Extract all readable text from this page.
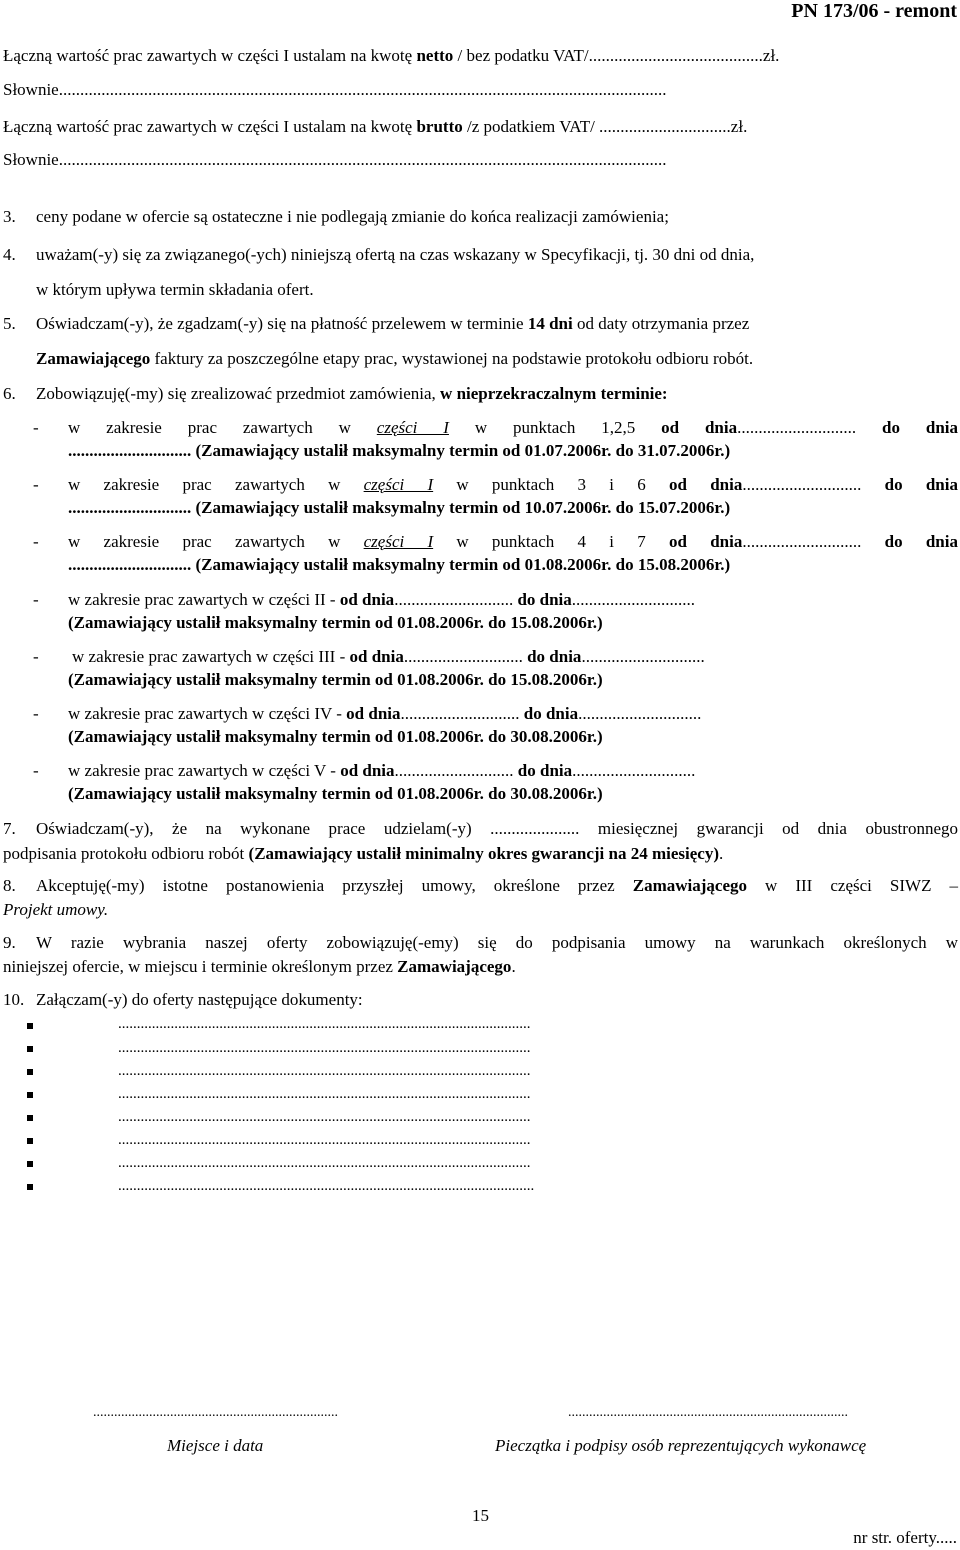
PN 173/06 - remont
Łączną wartość prac zawartych w części I ustalam na kwotę netto / bez podatku VAT/.........................................zł.
Słownie...............................................................................................................................................
Łączną wartość prac zawartych w części I ustalam na kwotę brutto /z podatkiem VAT/ ...............................zł.
Słownie...............................................................................................................................................
3. ceny podane w ofercie są ostateczne i nie podlegają zmianie do końca realizacji zamówienia;
4. uważam(-y) się za związanego(-ych) niniejszą ofertą na czas wskazany w Specyfikacji, tj. 30 dni od dnia,
w którym upływa termin składania ofert.
5. Oświadczam(-y), że zgadzam(-y) się na płatność przelewem w terminie 14 dni od daty otrzymania przez
Zamawiającego faktury za poszczególne etapy prac, wystawionej na podstawie protokołu odbioru robót.
6. Zobowiązuję(-my) się zrealizować przedmiot zamówienia, w nieprzekraczalnym terminie:
- w zakresie prac zawartych w części I w punktach 1,2,5 od dnia............................ do dnia
............................. (Zamawiający ustalił maksymalny termin od 01.07.2006r. do 31.07.2006r.)
- w zakresie prac zawartych w części I w punktach 3 i 6 od dnia............................ do dnia
............................. (Zamawiający ustalił maksymalny termin od 10.07.2006r. do 15.07.2006r.)
- w zakresie prac zawartych w części I w punktach 4 i 7 od dnia............................ do dnia
............................. (Zamawiający ustalił maksymalny termin od 01.08.2006r. do 15.08.2006r.)
- w zakresie prac zawartych w części II - od dnia............................ do dnia.............................
(Zamawiający ustalił maksymalny termin od 01.08.2006r. do 15.08.2006r.)
- w zakresie prac zawartych w części III - od dnia............................ do dnia.............................
(Zamawiający ustalił maksymalny termin od 01.08.2006r. do 15.08.2006r.)
- w zakresie prac zawartych w części IV - od dnia............................ do dnia.............................
(Zamawiający ustalił maksymalny termin od 01.08.2006r. do 30.08.2006r.)
- w zakresie prac zawartych w części V - od dnia............................ do dnia.............................
(Zamawiający ustalił maksymalny termin od 01.08.2006r. do 30.08.2006r.)
7. Oświadczam(-y), że na wykonane prace udzielam(-y) ..................... miesięcznej gwarancji od dnia obustronnego
podpisania protokołu odbioru robót (Zamawiający ustalił minimalny okres gwarancji na 24 miesięcy).
8. Akceptuję(-my) istotne postanowienia przyszłej umowy, określone przez Zamawiającego w III części SIWZ –
Projekt umowy.
9. W razie wybrania naszej oferty zobowiązuję(-emy) się do podpisania umowy na warunkach określonych w
niniejszej ofercie, w miejscu i terminie określonym przez Zamawiającego.
10. Załączam(-y) do oferty następujące dokumenty:
..............................................................................................................
..............................................................................................................
..............................................................................................................
..............................................................................................................
..............................................................................................................
..............................................................................................................
..............................................................................................................
...............................................................................................................
......................................................................	................................................................................
Miejsce i data	Pieczątka i podpisy osób reprezentujących wykonawcę
15
nr str. oferty.....
